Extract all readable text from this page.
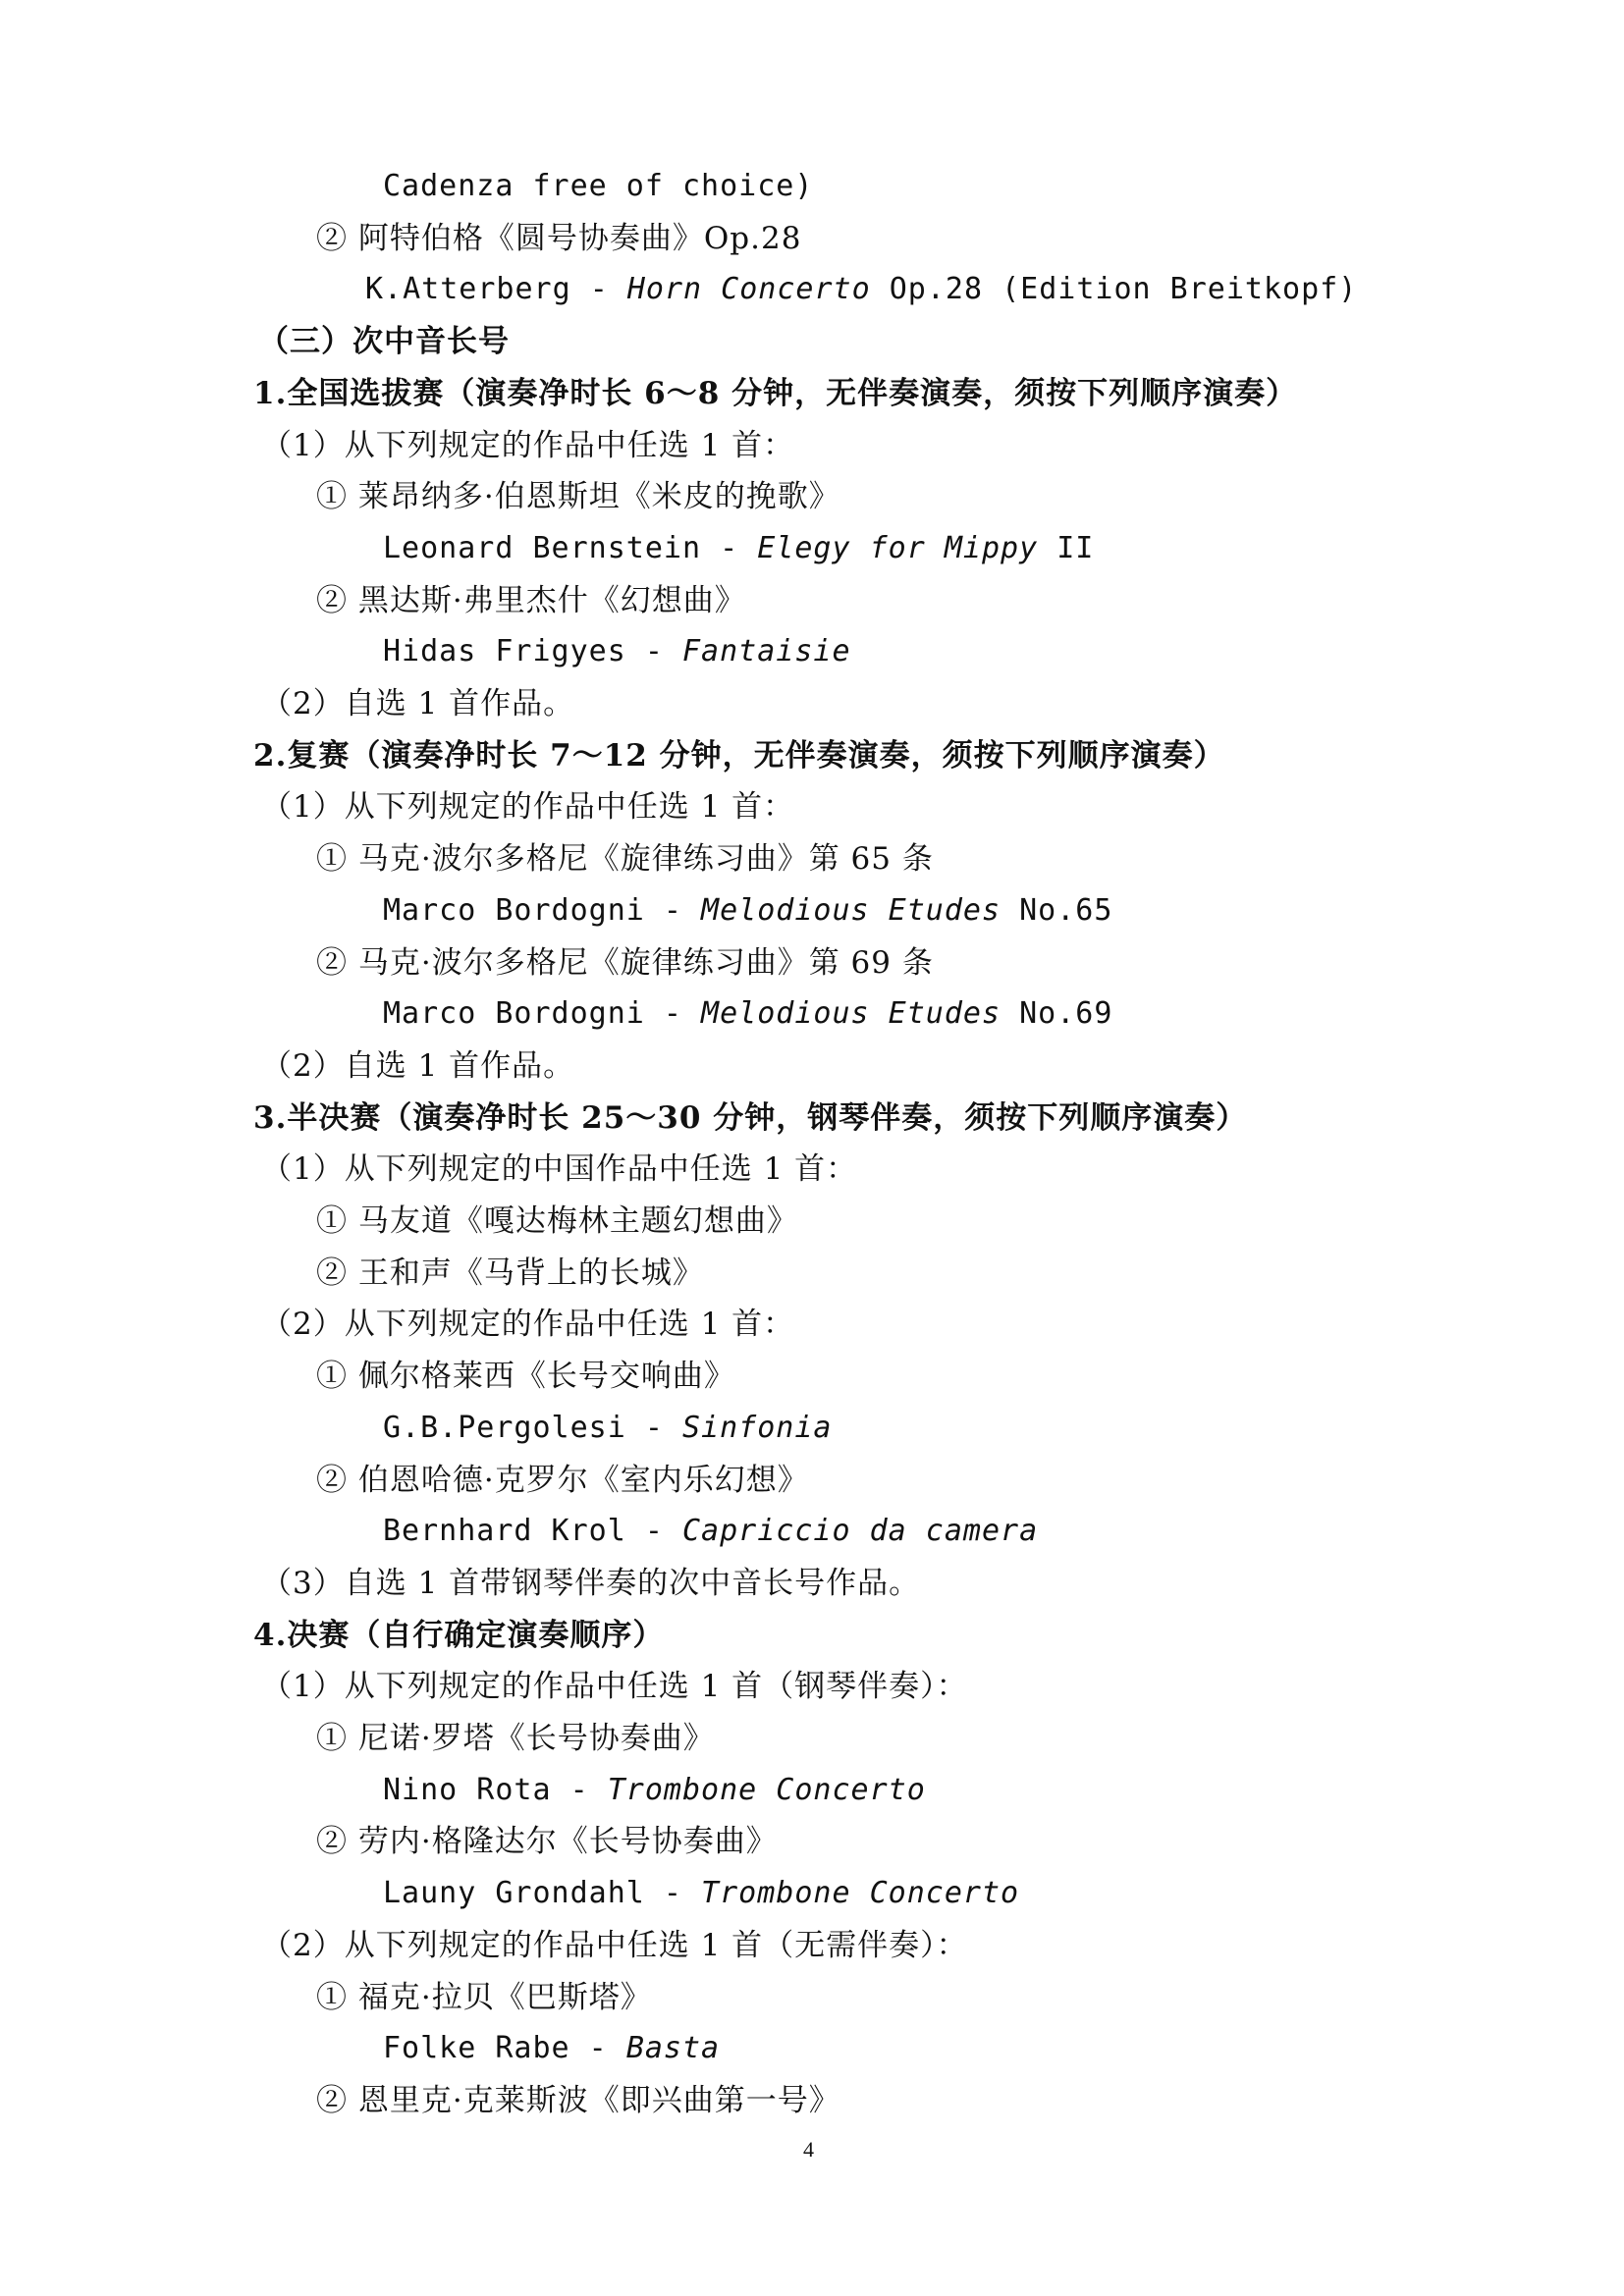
Cadenza free of choice)
② 阿特伯格《圆号协奏曲》Op.28
K.Atterberg - Horn Concerto Op.28 (Edition Breitkopf)
（三）次中音长号
1.全国选拔赛（演奏净时长 6～8 分钟，无伴奏演奏，须按下列顺序演奏）
（1）从下列规定的作品中任选 1 首：
① 莱昂纳多·伯恩斯坦《米皮的挽歌》
Leonard Bernstein - Elegy for Mippy II
② 黑达斯·弗里杰什《幻想曲》
Hidas Frigyes - Fantaisie
（2）自选 1 首作品。
2.复赛（演奏净时长 7～12 分钟，无伴奏演奏，须按下列顺序演奏）
（1）从下列规定的作品中任选 1 首：
① 马克·波尔多格尼《旋律练习曲》第 65 条
Marco Bordogni - Melodious Etudes No.65
② 马克·波尔多格尼《旋律练习曲》第 69 条
Marco Bordogni - Melodious Etudes No.69
（2）自选 1 首作品。
3.半决赛（演奏净时长 25～30 分钟，钢琴伴奏，须按下列顺序演奏）
（1）从下列规定的中国作品中任选 1 首：
① 马友道《嘎达梅林主题幻想曲》
② 王和声《马背上的长城》
（2）从下列规定的作品中任选 1 首：
① 佩尔格莱西《长号交响曲》
G.B.Pergolesi - Sinfonia
② 伯恩哈德·克罗尔《室内乐幻想》
Bernhard Krol - Capriccio da camera
（3）自选 1 首带钢琴伴奏的次中音长号作品。
4.决赛（自行确定演奏顺序）
（1）从下列规定的作品中任选 1 首（钢琴伴奏）：
① 尼诺·罗塔《长号协奏曲》
Nino Rota - Trombone Concerto
② 劳内·格隆达尔《长号协奏曲》
Launy Grondahl - Trombone Concerto
（2）从下列规定的作品中任选 1 首（无需伴奏）：
① 福克·拉贝《巴斯塔》
Folke Rabe - Basta
② 恩里克·克莱斯波《即兴曲第一号》
4
